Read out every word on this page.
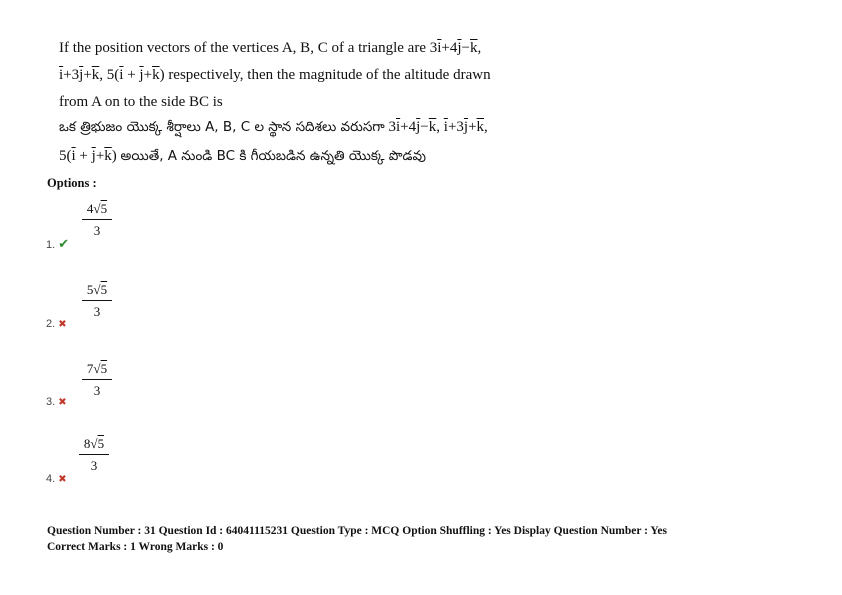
If the position vectors of the vertices A, B, C of a triangle are $3\overline{i}+4\overline{j}-\overline{k}$,
$\overline{i}+3\overline{j}+\overline{k}$, $5(\overline{i} + \overline{j}+\overline{k})$ respectively, then the magnitude of the altitude drawn
from A on to the side BC is
ఒక త్రిభుజం యొక్క శీర్షాలు A, B, C ల స్థాన సదిశలు వరుసగా $3\overline{i}+4\overline{j}-\overline{k}$, $\overline{i}+3\overline{j}+\overline{k}$,
$5(\overline{i} + \overline{j}+\overline{k})$ అయితే, A నుండి BC కి గీయబడిన ఉన్నతి యొక్క పొడవు
Options :
$\frac{4√5}{3}$
1. ✔
$\frac{5√5}{3}$
2. ✖
$\frac{7√5}{3}$
3. ✖
$\frac{8√5}{3}$
4. ✖
Question Number : 31 Question Id : 64041115231 Question Type : MCQ Option Shuffling : Yes Display Question Number : Yes
Correct Marks : 1 Wrong Marks : 0
